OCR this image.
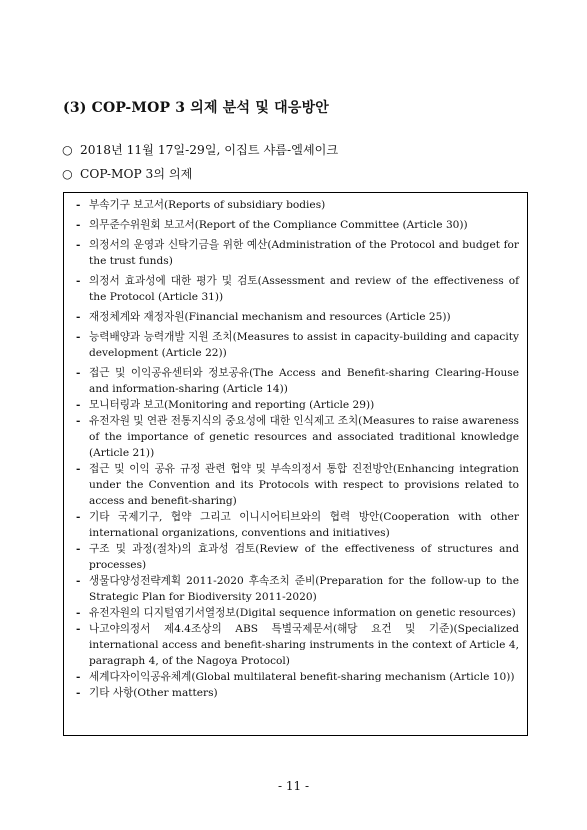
(3) COP-MOP 3 의제 분석 및 대응방안
○ 2018년 11월 17일-29일, 이집트 샤름-엘셰이크
○ COP-MOP 3의 의제
- 부속기구 보고서(Reports of subsidiary bodies)
- 의무준수위원회 보고서(Report of the Compliance Committee (Article 30))
- 의정서의 운영과 신탁기금을 위한 예산(Administration of the Protocol and budget for the trust funds)
- 의정서 효과성에 대한 평가 및 검토(Assessment and review of the effectiveness of the Protocol (Article 31))
- 재정체계와 재정자원(Financial mechanism and resources (Article 25))
- 능력배양과 능력개발 지원 조치(Measures to assist in capacity-building and capacity development (Article 22))
- 접근 및 이익공유센터와 정보공유(The Access and Benefit-sharing Clearing-House and information-sharing (Article 14))
- 모니터링과 보고(Monitoring and reporting (Article 29))
- 유전자원 및 연관 전통지식의 중요성에 대한 인식제고 조치(Measures to raise awareness of the importance of genetic resources and associated traditional knowledge (Article 21))
- 접근 및 이익 공유 규정 관련 협약 및 부속의정서 통합 진전방안(Enhancing integration under the Convention and its Protocols with respect to provisions related to access and benefit-sharing)
- 기타 국제기구, 협약 그리고 이니시어티브와의 협력 방안(Cooperation with other international organizations, conventions and initiatives)
- 구조 및 과정(절차)의 효과성 검토(Review of the effectiveness of structures and processes)
- 생물다양성전략계획 2011-2020 후속조치 준비(Preparation for the follow-up to the Strategic Plan for Biodiversity 2011-2020)
- 유전자원의 디지털염기서열정보(Digital sequence information on genetic resources)
- 나고야의정서 제4.4조상의 ABS 특별국제문서(해당 요건 및 기준)(Specialized international access and benefit-sharing instruments in the context of Article 4, paragraph 4, of the Nagoya Protocol)
- 세계다자이익공유체계(Global multilateral benefit-sharing mechanism (Article 10))
- 기타 사항(Other matters)
- 11 -
